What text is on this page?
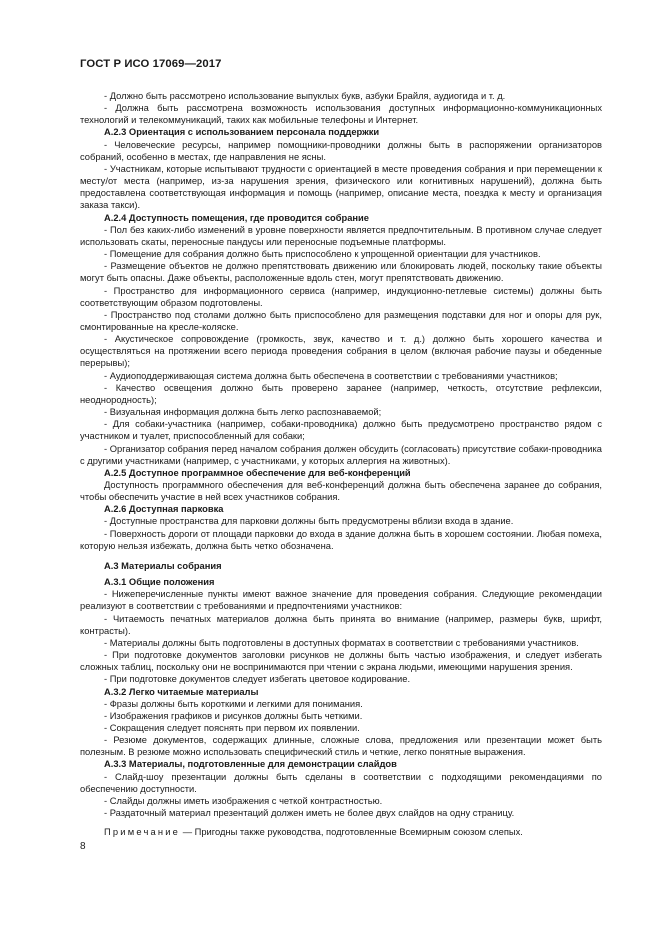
ГОСТ Р ИСО 17069—2017

- Должно быть рассмотрено использование выпуклых букв, азбуки Брайля, аудиогида и т. д.

- Должна быть рассмотрена возможность использования доступных информационно-коммуникационных технологий и телекоммуникаций, таких как мобильные телефоны и Интернет.

А.2.3 Ориентация с использованием персонала поддержки

- Человеческие ресурсы, например помощники-проводники должны быть в распоряжении организаторов собраний, особенно в местах, где направления не ясны.

- Участникам, которые испытывают трудности с ориентацией в месте проведения собрания и при перемещении к месту/от места (например, из-за нарушения зрения, физического или когнитивных нарушений), должна быть предоставлена соответствующая информация и помощь (например, описание места, поездка к месту и организация заказа такси).

А.2.4 Доступность помещения, где проводится собрание

- Пол без каких-либо изменений в уровне поверхности является предпочтительным. В противном случае следует использовать скаты, переносные пандусы или переносные подъемные платформы.

- Помещение для собрания должно быть приспособлено к упрощенной ориентации для участников.

- Размещение объектов не должно препятствовать движению или блокировать людей, поскольку такие объекты могут быть опасны. Даже объекты, расположенные вдоль стен, могут препятствовать движению.

- Пространство для информационного сервиса (например, индукционно-петлевые системы) должны быть соответствующим образом подготовлены.

- Пространство под столами должно быть приспособлено для размещения подставки для ног и опоры для рук, смонтированные на кресле-коляске.

- Акустическое сопровождение (громкость, звук, качество и т. д.) должно быть хорошего качества и осуществляться на протяжении всего периода проведения собрания в целом (включая рабочие паузы и обеденные перерывы);

- Аудиоподдерживающая система должна быть обеспечена в соответствии с требованиями участников;

- Качество освещения должно быть проверено заранее (например, четкость, отсутствие рефлексии, неоднородность);

- Визуальная информация должна быть легко распознаваемой;

- Для собаки-участника (например, собаки-проводника) должно быть предусмотрено пространство рядом с участником и туалет, приспособленный для собаки;

- Организатор собрания перед началом собрания должен обсудить (согласовать) присутствие собаки-проводника с другими участниками (например, с участниками, у которых аллергия на животных).

А.2.5 Доступное программное обеспечение для веб-конференций

Доступность программного обеспечения для веб-конференций должна быть обеспечена заранее до собрания, чтобы обеспечить участие в ней всех участников собрания.

А.2.6 Доступная парковка

- Доступные пространства для парковки должны быть предусмотрены вблизи входа в здание.

- Поверхность дороги от площади парковки до входа в здание должна быть в хорошем состоянии. Любая помеха, которую нельзя избежать, должна быть четко обозначена.

А.3 Материалы собрания

А.3.1 Общие положения

- Нижеперечисленные пункты имеют важное значение для проведения собрания. Следующие рекомендации реализуют в соответствии с требованиями и предпочтениями участников:

- Читаемость печатных материалов должна быть принята во внимание (например, размеры букв, шрифт, контрасты).

- Материалы должны быть подготовлены в доступных форматах в соответствии с требованиями участников.

- При подготовке документов заголовки рисунков не должны быть частью изображения, и следует избегать сложных таблиц, поскольку они не воспринимаются при чтении с экрана людьми, имеющими нарушения зрения.

- При подготовке документов следует избегать цветовое кодирование.

А.3.2 Легко читаемые материалы

- Фразы должны быть короткими и легкими для понимания.

- Изображения графиков и рисунков должны быть четкими.

- Сокращения следует пояснять при первом их появлении.

- Резюме документов, содержащих длинные, сложные слова, предложения или презентации может быть полезным. В резюме можно использовать специфический стиль и четкие, легко понятные выражения.

А.3.3 Материалы, подготовленные для демонстрации слайдов

- Слайд-шоу презентации должны быть сделаны в соответствии с подходящими рекомендациями по обеспечению доступности.

- Слайды должны иметь изображения с четкой контрастностью.

- Раздаточный материал презентаций должен иметь не более двух слайдов на одну страницу.

Примечание — Пригодны также руководства, подготовленные Всемирным союзом слепых.

8
